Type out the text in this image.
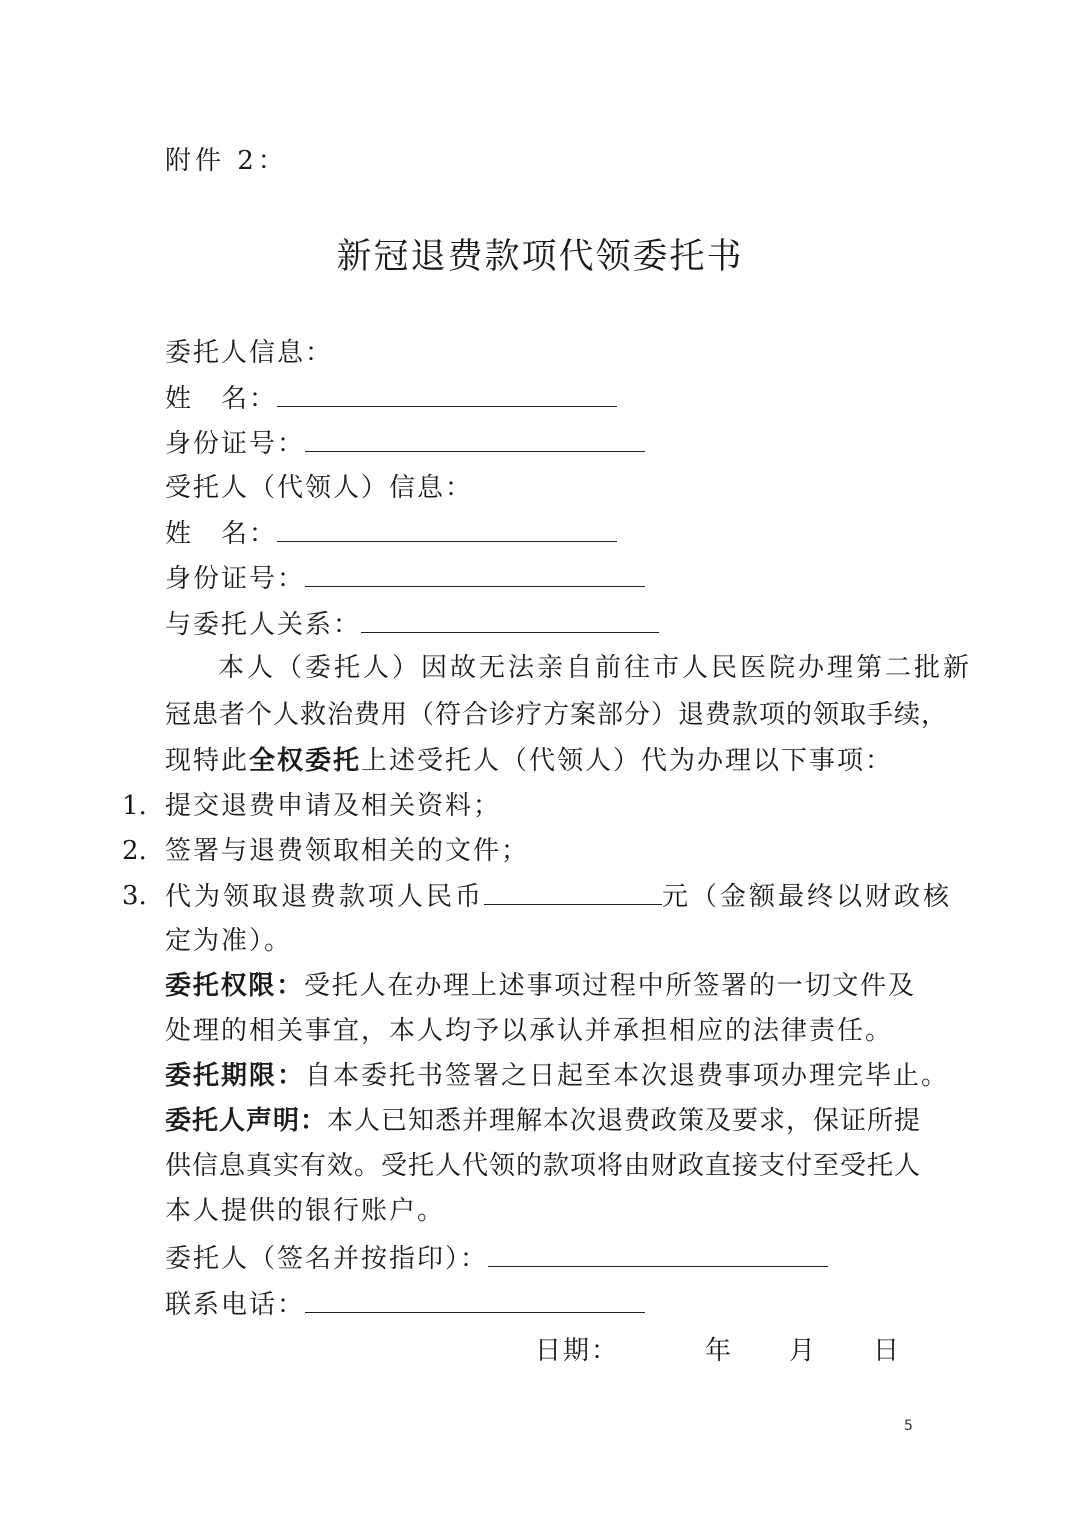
附件 2：
新冠退费款项代领委托书
委托人信息：
姓　名：
身份证号：
受托人（代领人）信息：
姓　名：
身份证号：
与委托人关系：
本人（委托人）因故无法亲自前往市人民医院办理第二批新
冠患者个人救治费用（符合诊疗方案部分）退费款项的领取手续，
现特此全权委托上述受托人（代领人）代为办理以下事项：
1. 提交退费申请及相关资料；
2. 签署与退费领取相关的文件；
3. 代为领取退费款项人民币	元（金额最终以财政核
定为准）。
委托权限：受托人在办理上述事项过程中所签署的一切文件及
处理的相关事宜，本人均予以承认并承担相应的法律责任。
委托期限：自本委托书签署之日起至本次退费事项办理完毕止。
委托人声明：本人已知悉并理解本次退费政策及要求，保证所提
供信息真实有效。受托人代领的款项将由财政直接支付至受托人
本人提供的银行账户。
委托人（签名并按指印）：
联系电话：
日期：	年 月 日
5
